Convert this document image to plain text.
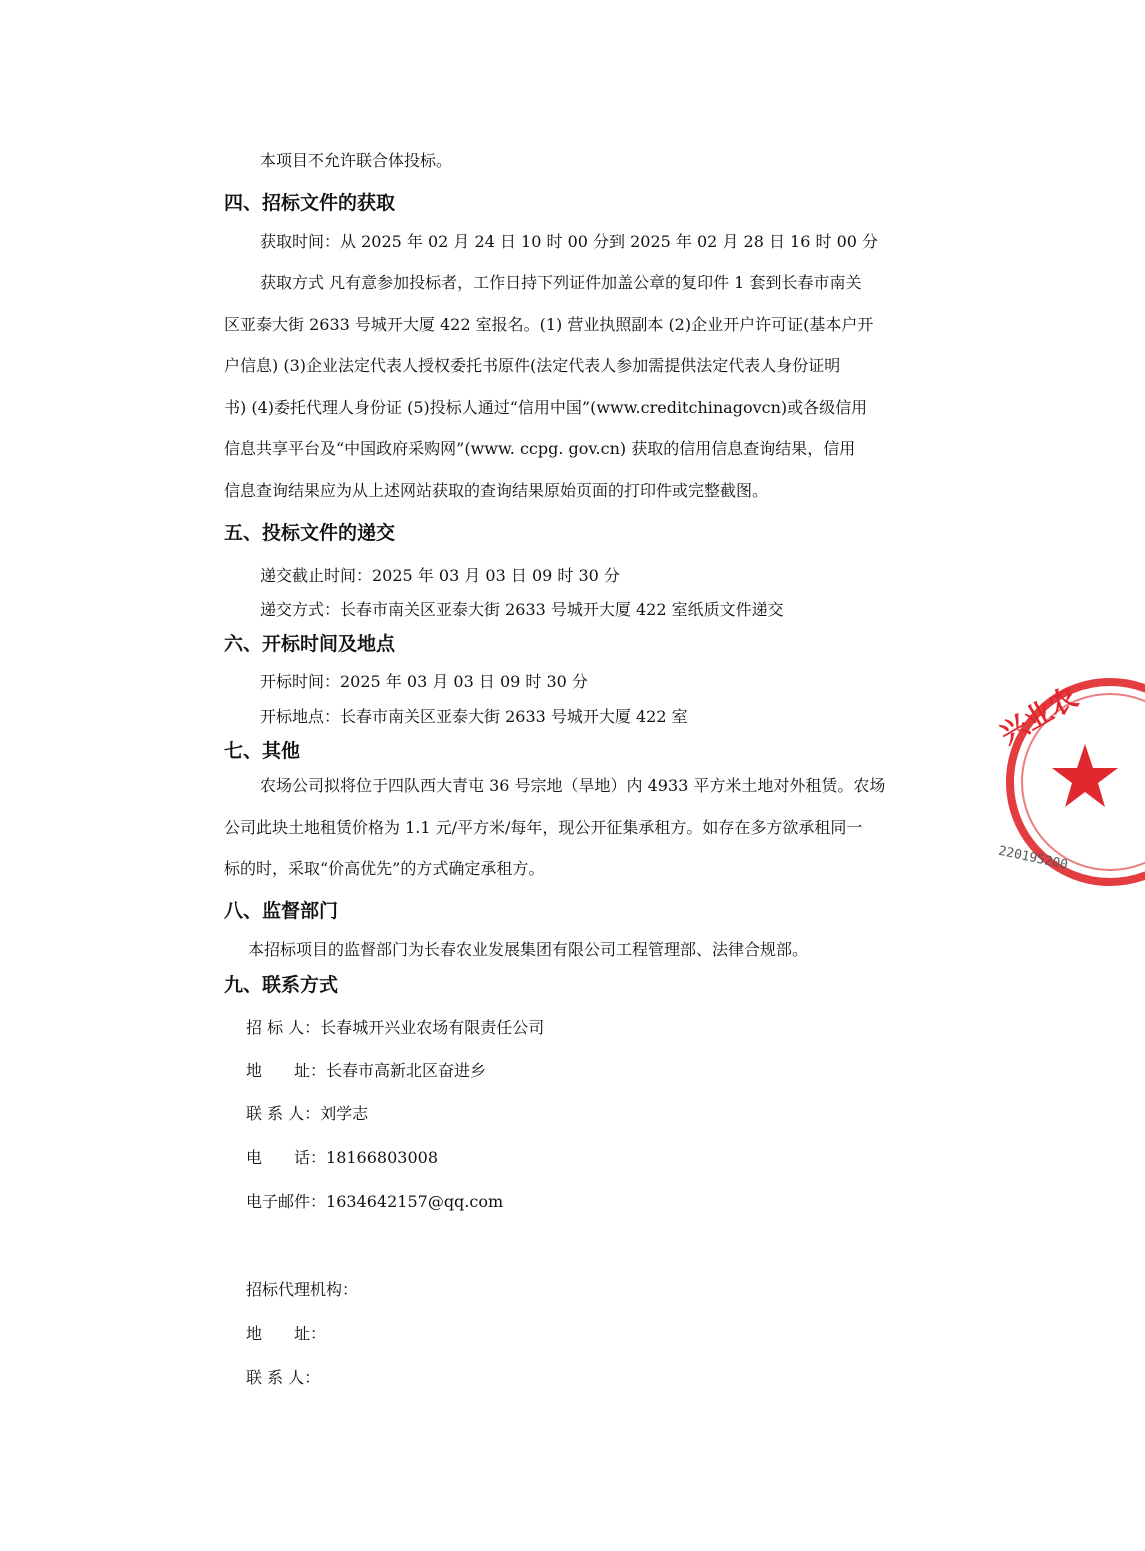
本项目不允许联合体投标。

四、招标文件的获取

获取时间：从 2025 年 02 月 24 日 10 时 00 分到 2025 年 02 月 28 日 16 时 00 分

获取方式 凡有意参加投标者，工作日持下列证件加盖公章的复印件 1 套到长春市南关

区亚泰大街 2633 号城开大厦 422 室报名。(1) 营业执照副本 (2)企业开户许可证(基本户开

户信息) (3)企业法定代表人授权委托书原件(法定代表人参加需提供法定代表人身份证明

书) (4)委托代理人身份证 (5)投标人通过“信用中国”(www.creditchinagovcn)或各级信用

信息共享平台及“中国政府采购网”(www. ccpg. gov.cn) 获取的信用信息查询结果，信用

信息查询结果应为从上述网站获取的查询结果原始页面的打印件或完整截图。

五、投标文件的递交

递交截止时间：2025 年 03 月 03 日 09 时 30 分

递交方式：长春市南关区亚泰大街 2633 号城开大厦 422 室纸质文件递交

六、开标时间及地点

开标时间：2025 年 03 月 03 日 09 时 30 分

开标地点：长春市南关区亚泰大街 2633 号城开大厦 422 室

七、其他

农场公司拟将位于四队西大青屯 36 号宗地（旱地）内 4933 平方米土地对外租赁。农场

公司此块土地租赁价格为 1.1 元/平方米/每年，现公开征集承租方。如存在多方欲承租同一

标的时，采取“价高优先”的方式确定承租方。

八、监督部门

本招标项目的监督部门为长春农业发展集团有限公司工程管理部、法律合规部。

九、联系方式

招 标 人：长春城开兴业农场有限责任公司

地　　址：长春市高新北区奋进乡

联 系 人：刘学志

电　　话：18166803008

电子邮件：1634642157@qq.com

招标代理机构：

地　　址：

联 系 人：

兴业农
220195200
